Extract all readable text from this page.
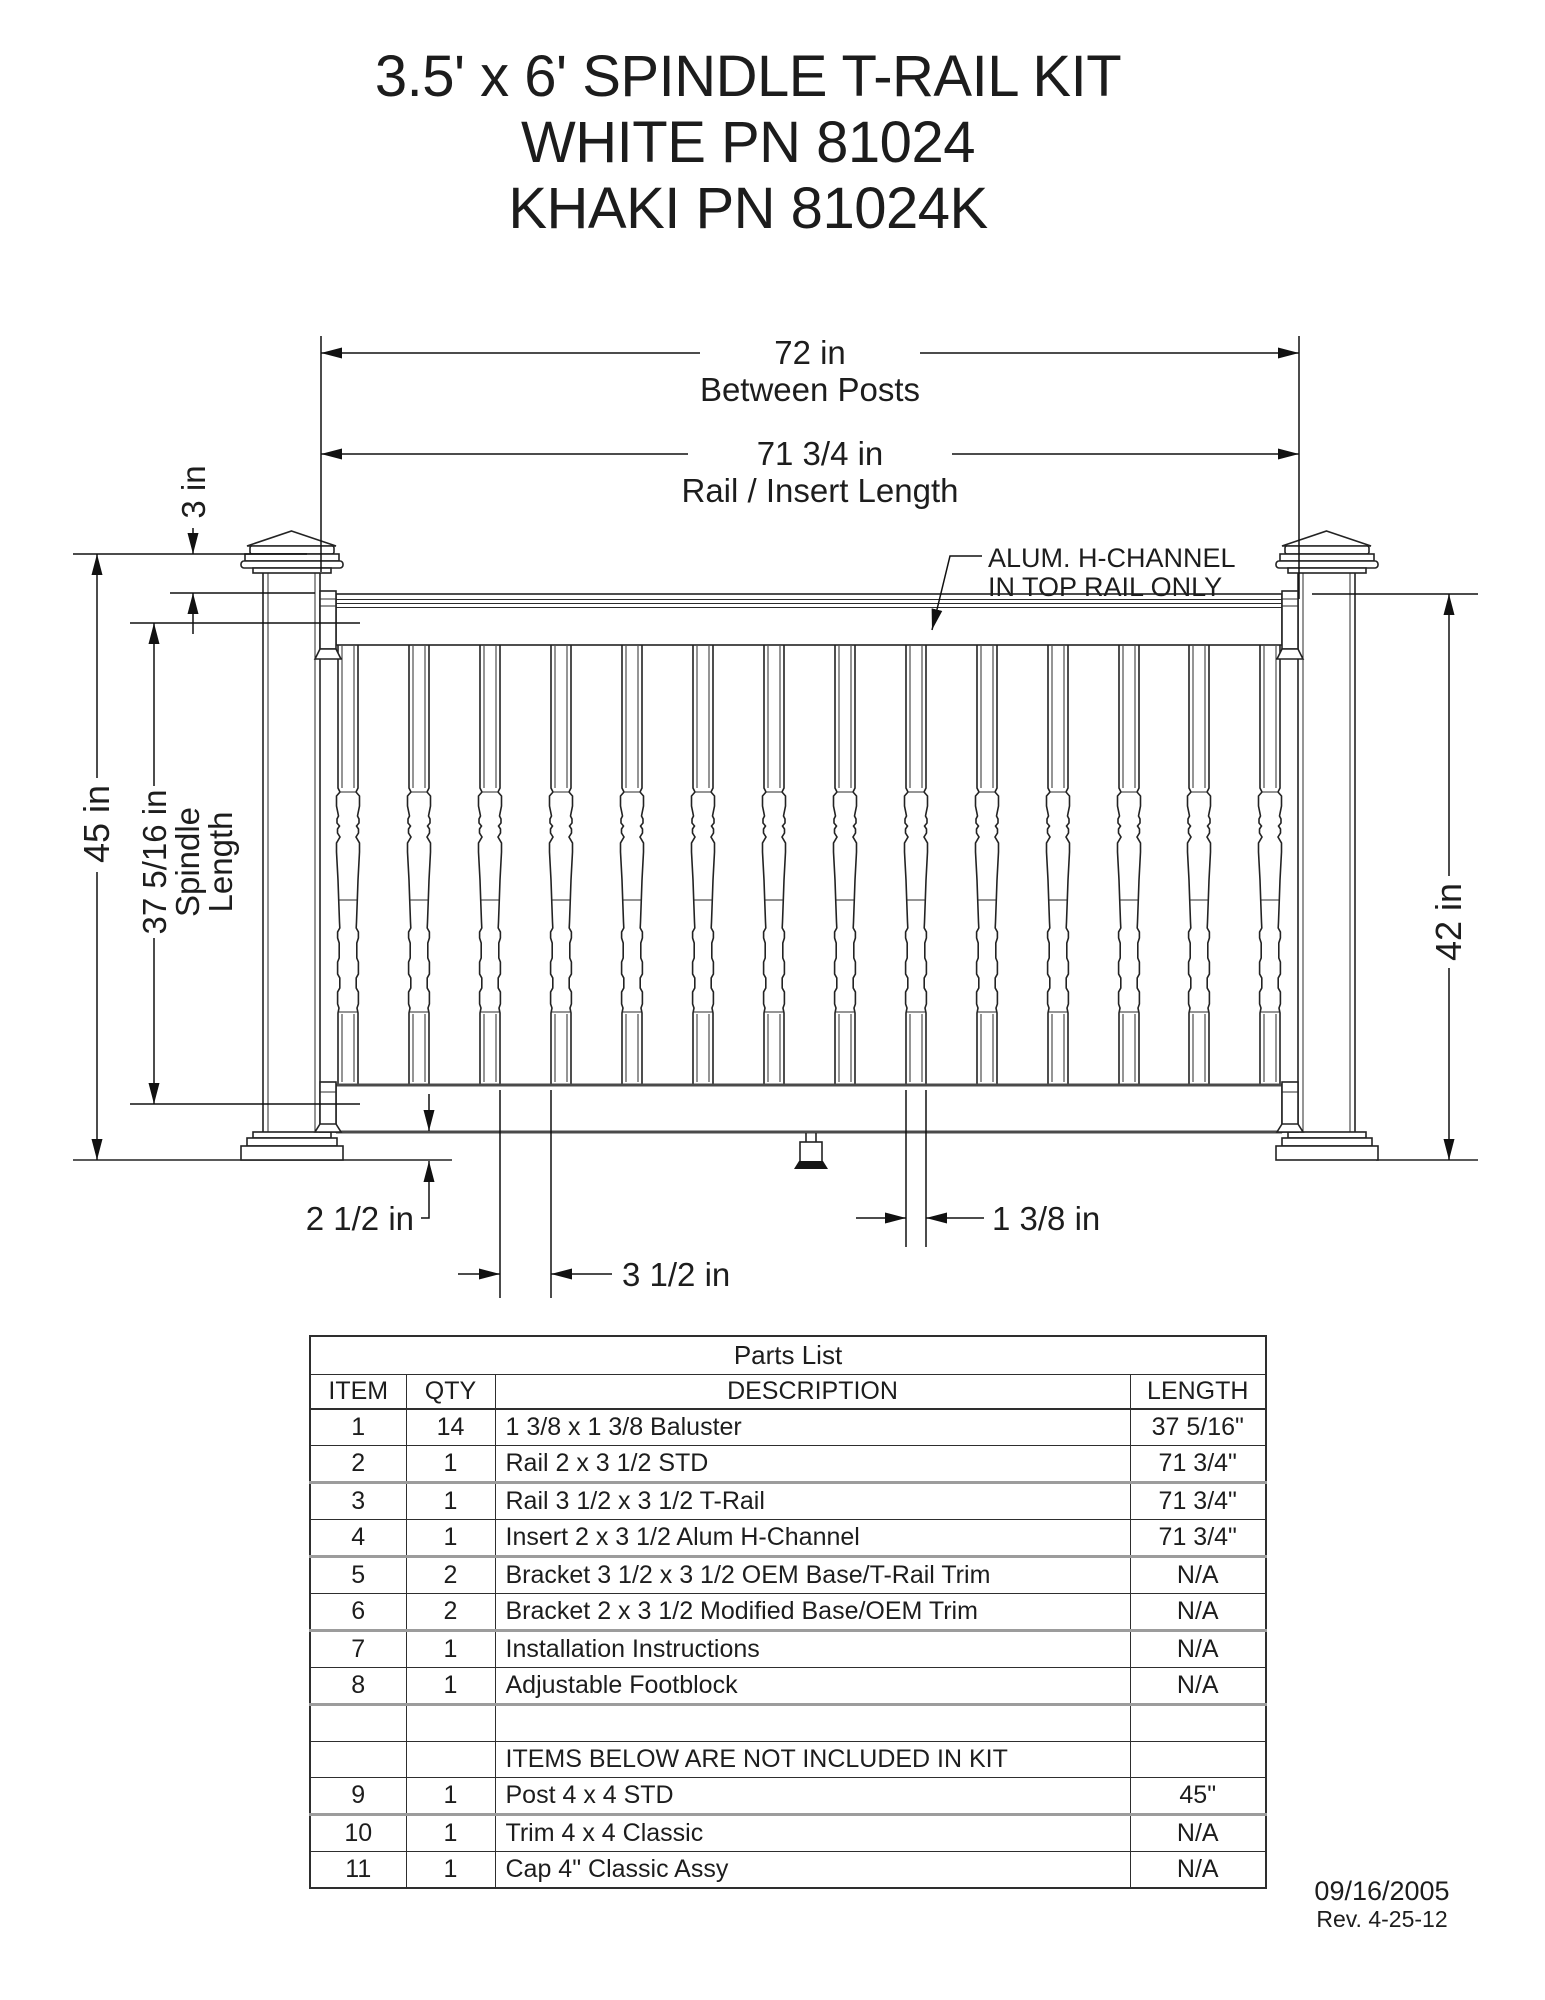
3.5' x 6' SPINDLE T-RAIL KIT
WHITE PN 81024
KHAKI PN 81024K
72 in
Between Posts
71 3/4 in
Rail / Insert Length
3 in
45 in 37 5/16 in
Spindle
Length
42 in
2 1/2 in
3 1/2 in
1 3/8 in
ALUM. H-CHANNEL
IN TOP RAIL ONLY
Parts List			
ITEM	QTY	DESCRIPTION	LENGTH
1	14	1 3/8 x 1 3/8 Baluster	37 5/16"
2	1	Rail 2 x 3 1/2 STD	71 3/4"
3	1	Rail 3 1/2 x 3 1/2 T-Rail	71 3/4"
4	1	Insert 2 x 3 1/2 Alum H-Channel	71 3/4"
5	2	Bracket 3 1/2 x 3 1/2 OEM Base/T-Rail Trim	N/A
6	2	Bracket 2 x 3 1/2 Modified Base/OEM Trim	N/A
7	1	Installation Instructions	N/A
8	1	Adjustable Footblock	N/A

		ITEMS BELOW ARE NOT INCLUDED IN KIT	
9	1	Post 4 x 4 STD	45"
10	1	Trim 4 x 4 Classic	N/A
11	1	Cap 4" Classic Assy	N/A
09/16/2005
Rev. 4-25-12
